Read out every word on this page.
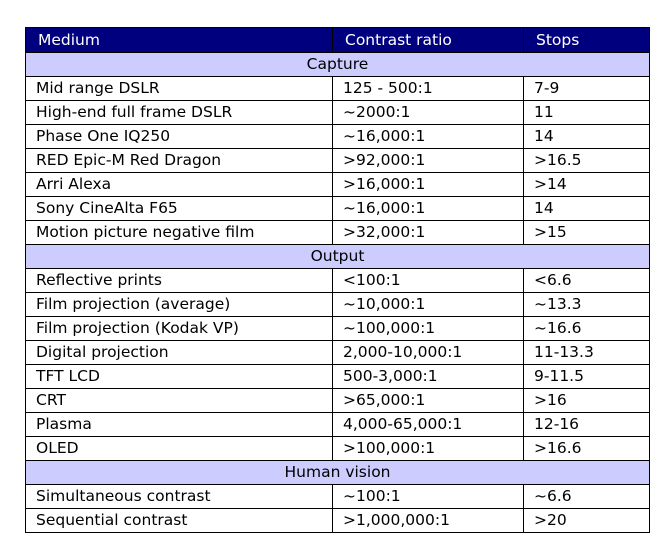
Medium	Contrast ratio	Stops
Capture		
Mid range DSLR	125 - 500:1	7-9
High-end full frame DSLR	~2000:1	11
Phase One IQ250	~16,000:1	14
RED Epic-M Red Dragon	>92,000:1	>16.5
Arri Alexa	>16,000:1	>14
Sony CineAlta F65	~16,000:1	14
Motion picture negative film	>32,000:1	>15
Output		
Reflective prints	<100:1	<6.6
Film projection (average)	~10,000:1	~13.3
Film projection (Kodak VP)	~100,000:1	~16.6
Digital projection	2,000-10,000:1	11-13.3
TFT LCD	500-3,000:1	9-11.5
CRT	>65,000:1	>16
Plasma	4,000-65,000:1	12-16
OLED	>100,000:1	>16.6
Human vision		
Simultaneous contrast	~100:1	~6.6
Sequential contrast	>1,000,000:1	>20
